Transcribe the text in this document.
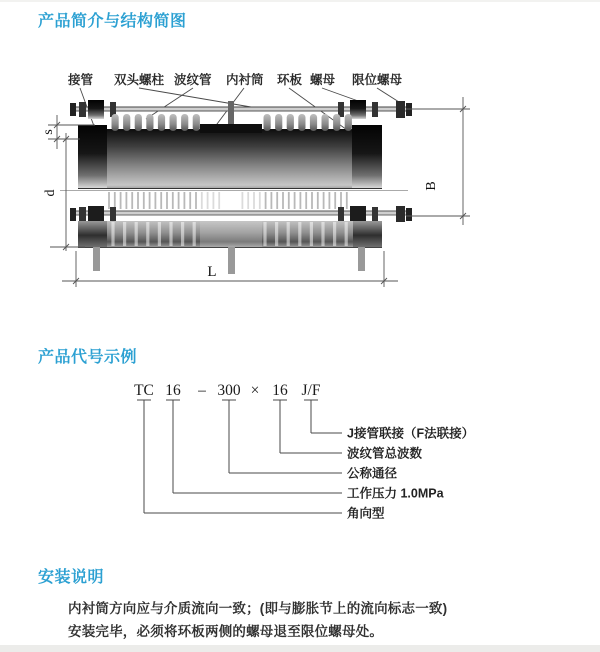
产品简介与结构简图
接管 双头螺柱 波纹管 内衬筒 环板 螺母 限位螺母
s
d
B
L
产品代号示例
TC 16 – 300 × 16 J/F
J接管联接（F法联接）
波纹管总波数
公称通径
工作压力 1.0MPa
角向型
安装说明
内衬筒方向应与介质流向一致；(即与膨胀节上的流向标志一致)
安装完毕，必须将环板两侧的螺母退至限位螺母处。
